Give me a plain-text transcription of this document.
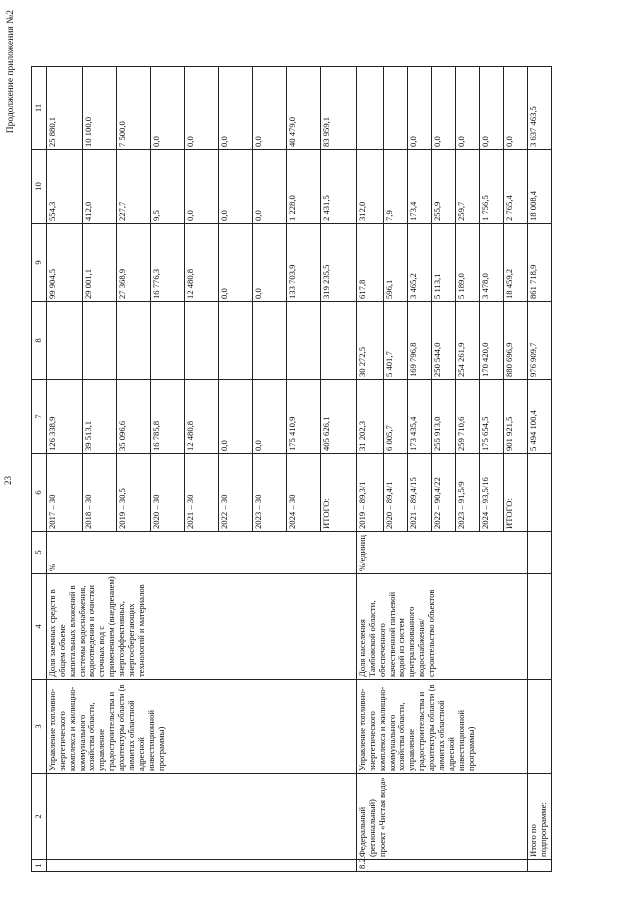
23
Продолжение приложения №2
1	2	3	4	5	6	7	8	9	10	11
		Управление топливно-энергетического комплекса и жилищно-коммунального хозяйства области, управление градостроительства и архитектуры области (в лимитах областной адресной инвестиционной программы)	Доля заемных средств в общем объеме капитальных вложений в системы водоснабжения, водоотведения и очистки сточных вод с применением (внедрением) энергоэффективных, энергосберегающих технологий и материалов	%	2017 – 30	126 338,9		99 904,5	554,3	25 880,1
					2018 – 30	39 513,1		29 001,1	412,0	10 100,0
					2019 – 30,5	35 096,6		27 368,9	227,7	7 500,0
					2020 – 30	16 785,8		16 776,3	9,5	0,0
					2021 – 30	12 480,8		12 480,8	0,0	0,0
					2022 – 30	0,0		0,0	0,0	0,0
					2023 – 30	0,0		0,0	0,0	0,0
					2024 – 30	175 410,9		133 703,9	1 228,0	40 479,0
					ИТОГО:	405 626,1		319 235,5	2 431,5	83 959,1
8.2.	Федеральный (региональный) проект «Чистая вода»	Управление топливно-энергетического комплекса и жилищно-коммунального хозяйства области, управление градостроительства и архитектуры области (в лимитах областной адресной инвестиционной программы)	Доля населения Тамбовской области, обеспеченного качественной питьевой водой из систем централизованного водоснабжения/ строительство объектов	%/единиц	2019 – 89,3/1	31 202,3	30 272,5	617,8	312,0	
					2020 – 89,4/1	6 005,7	5 401,7	596,1	7,9	
					2021 – 89,4/15	173 435,4	169 796,8	3 465,2	173,4	0,0
					2022 – 90,4/22	255 913,0	250 544,0	5 113,1	255,9	0,0
					2023 – 91,5/9	259 710,6	254 261,9	5 189,0	259,7	0,0
					2024 – 93,5/16	175 654,5	170 420,0	3 478,0	1 756,5	0,0
					ИТОГО:	901 921,5	880 696,9	18 459,2	2 765,4	0,0
	Итого по подпрограмме:					5 494 100,4	976 909,7	861 718,9	18 008,4	3 637 463,5
